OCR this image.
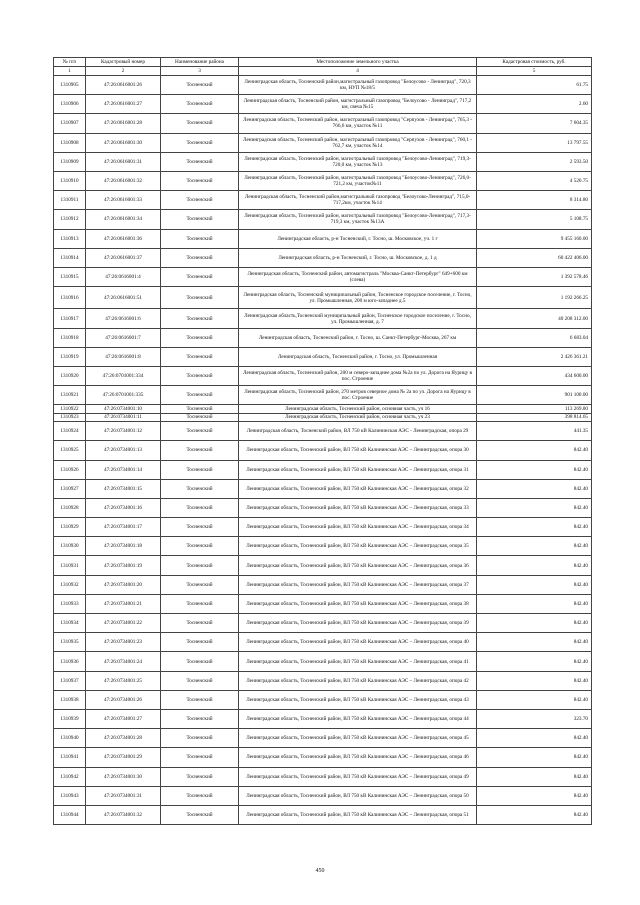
№ п/п	Кадастровый номер	Наименование района	Местоположение земельного участка	Кадастровая стоимость, руб.
1	2	3	4	5
1310905	47:26:0616001:26	Тосненский	Ленинградская область, Тосненский район,магистральный газопровод "Белоусово - Ленинград", 720,3 км, НУП №18/5	61.75
1310906	47:26:0616001:27	Тосненский	Ленинградская область, Тосненский район, магистральный газопровод "Белоусово - Ленинград", 717,2 км, свеча №15	2.60
1310907	47:26:0616001:28	Тосненский	Ленинградская область, Тосненский район, магистральный газопровод "Серпухов - Ленинград", 765,3 - 766,6 км, участок №11	7 604.35
1310908	47:26:0616001:30	Тосненский	Ленинградская область, Тосненский район, магистральный газопровод "Серпухов - Ленинград", 760,1 - 762,7 км, участок №14	13 797.55
1310909	47:26:0616001:31	Тосненский	Ленинградская область, Тосненский район, магистральный газопровод "Белоусово-Ленинград", 719,3-720,0 км, участок №13	2 593.50
1310910	47:26:0616001:32	Тосненский	Ленинградская область, Тосненский район, магистральный газопровод "Белоусово-Ленинград", 726,0-721,2 км, участок№11	4 520.75
1310911	47:26:0616001:33	Тосненский	Ленинградская область, Тосненский район,магистральный газопровод "Белоусово-Ленинград", 715,0-717,2км, участок №14	8 314.80
1310912	47:26:0616001:34	Тосненский	Ленинградская область, Тосненский район, магистральный газопровод "Белоусово-Ленинград", 717,3-719,3 км, участок №13А	5 108.75
1310913	47:26:0616001:36	Тосненский	Ленинградская область, р-н Тосненский, г. Тосно, ш. Московское, уч. 1 г	9 455 160.00
1310914	47:26:0616001:37	Тосненский	Ленинградская область, р-н Тосненский, г. Тосно, ш. Московское, д. 1 д	60 422 406.00
1310915	47:26:0616001:4	Тосненский	Ленинградская область, Тосненский район, автомагистраль "Москва-Санкт-Петербург" 649+600 км (слева)	1 392 578.46
1310916	47:26:0616001:51	Тосненский	Ленинградская область, Тосненский муниципальный район, Тосненское городское поселение, г. Тосно, ул. Промышленная, 200 м юго-западнее д.5	1 192 266.25
1310917	47:26:0616001:6	Тосненский	Ленинградская область,Тосненский муниципальный район, Тосненское городское поселение, г. Тосно, ул. Промышленная, д. 7	40 208 312.00
1310918	47:26:0616001:7	Тосненский	Ленинградская область, Тосненский район, г. Тосно, ш. Санкт-Петербург-Москва, 267 км	6 683.04
1310919	47:26:0616001:8	Тосненский	Ленинградская область, Тосненский район, г. Тосно, ул. Промышленная	2 426 361.21
1310920	47:26:0701001:334	Тосненский	Ленинградская область, Тосненский район, 200 м северо-западнее дома №2а по ул. Дорога на Яурицу в пос. Строение	434 600.00
1310921	47:26:0701001:335	Тосненский	Ленинградская область, Тосненский район, 270 метров северное дома № 2а по ул. Дорога на Яурицу в пос. Строение	901 100.00
1310922	47:26:0734001:10	Тосненский	Ленинградская область, Тосненский район, основная часть, уч 16	113 269.00
1310923	47:26:0734001:11	Тосненский	Ленинградская область, Тосненский район, основная часть, уч 23	398 814.65
1310924	47:26:0734001:12	Тосненский	Ленинградская область, Тосненский район, ВЛ 750 кВ Калининская АЭС - Ленинградская, опора 29	441.35
1310925	47:26:0734001:13	Тосненский	Ленинградская область, Тосненский район, ВЛ 750 кВ Калининская АЭС – Ленинградская, опора 30	842.40
1310926	47:26:0734001:14	Тосненский	Ленинградская область, Тосненский район, ВЛ 750 кВ Калининская АЭС – Ленинградская, опора 31	842.40
1310927	47:26:0734001:15	Тосненский	Ленинградская область, Тосненский район, ВЛ 750 кВ Калининская АЭС – Ленинградская, опора 32	842.40
1310928	47:26:0734001:16	Тосненский	Ленинградская область, Тосненский район, ВЛ 750 кВ Калининская АЭС – Ленинградская, опора 33	842.40
1310929	47:26:0734001:17	Тосненский	Ленинградская область, Тосненский район, ВЛ 750 кВ Калининская АЭС – Ленинградская, опора 34	842.40
1310930	47:26:0734001:18	Тосненский	Ленинградская область, Тосненский район, ВЛ 750 кВ Калининская АЭС – Ленинградская, опора 35	842.40
1310931	47:26:0734001:19	Тосненский	Ленинградская область, Тосненский район, ВЛ 750 кВ Калининская АЭС – Ленинградская, опора 36	842.40
1310932	47:26:0734001:20	Тосненский	Ленинградская область, Тосненский район, ВЛ 750 кВ Калининская АЭС – Ленинградская, опора 37	842.40
1310933	47:26:0734001:21	Тосненский	Ленинградская область, Тосненский район, ВЛ 750 кВ Калининская АЭС – Ленинградская, опора 38	842.40
1310934	47:26:0734001:22	Тосненский	Ленинградская область, Тосненский район, ВЛ 750 кВ Калининская АЭС – Ленинградская, опора 39	842.40
1310935	47:26:0734001:23	Тосненский	Ленинградская область, Тосненский район, ВЛ 750 кВ Калининская АЭС – Ленинградская, опора 40	842.40
1310936	47:26:0734001:24	Тосненский	Ленинградская область, Тосненский район, ВЛ 750 кВ Калининская АЭС – Ленинградская, опора 41	842.40
1310937	47:26:0734001:25	Тосненский	Ленинградская область, Тосненский район, ВЛ 750 кВ Калининская АЭС – Ленинградская, опора 42	842.40
1310938	47:26:0734001:26	Тосненский	Ленинградская область, Тосненский район, ВЛ 750 кВ Калининская АЭС – Ленинградская, опора 43	842.40
1310939	47:26:0734001:27	Тосненский	Ленинградская область, Тосненский район, ВЛ 750 кВ Калининская АЭС – Ленинградская, опора 44	323.70
1310940	47:26:0734001:28	Тосненский	Ленинградская область, Тосненский район, ВЛ 750 кВ Калининская АЭС – Ленинградская, опора 45	842.40
1310941	47:26:0734001:29	Тосненский	Ленинградская область, Тосненский район, ВЛ 750 кВ Калининская АЭС – Ленинградская, опора 46	842.40
1310942	47:26:0734001:30	Тосненский	Ленинградская область, Тосненский район, ВЛ 750 кВ Калининская АЭС – Ленинградская, опора 49	842.40
1310943	47:26:0734001:31	Тосненский	Ленинградская область, Тосненский район, ВЛ 750 кВ Калининская АЭС – Ленинградская, опора 50	842.40
1310944	47:26:0734001:32	Тосненский	Ленинградская область, Тосненский район, ВЛ 750 кВ Калининская АЭС – Ленинградская, опора 51	842.40
450
